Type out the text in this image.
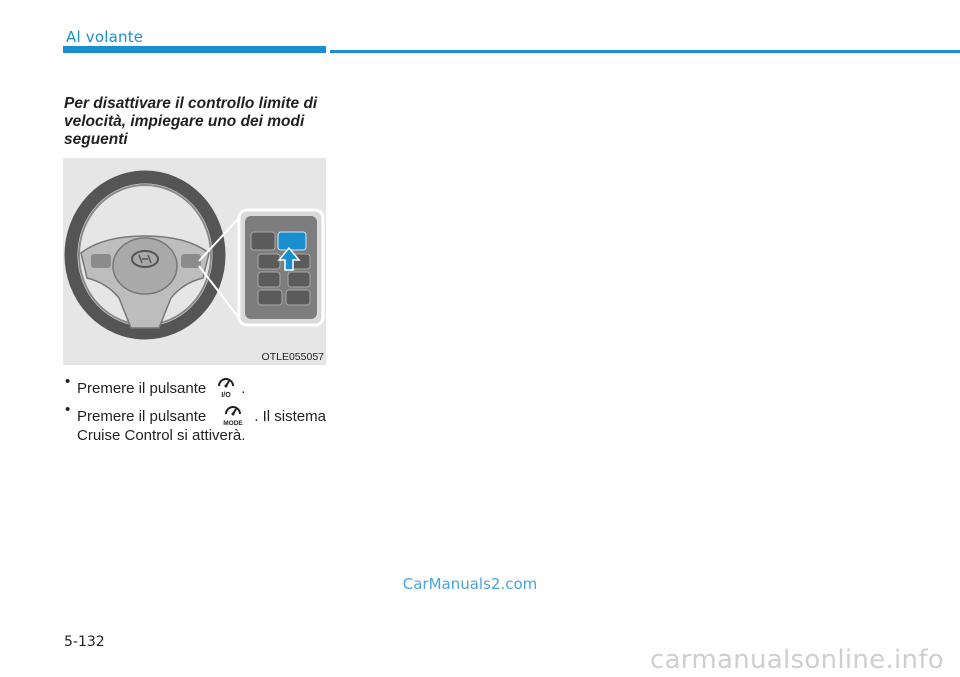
Al volante
Per disattivare il controllo limite di velocità, impiegare uno dei modi seguenti
OTLE055057
• Premere il pulsante I/O .
• Premere il pulsante	MODE . Il sistema
Cruise Control si attiverà.
CarManuals2.com
5-132
carmanualsonline.info
